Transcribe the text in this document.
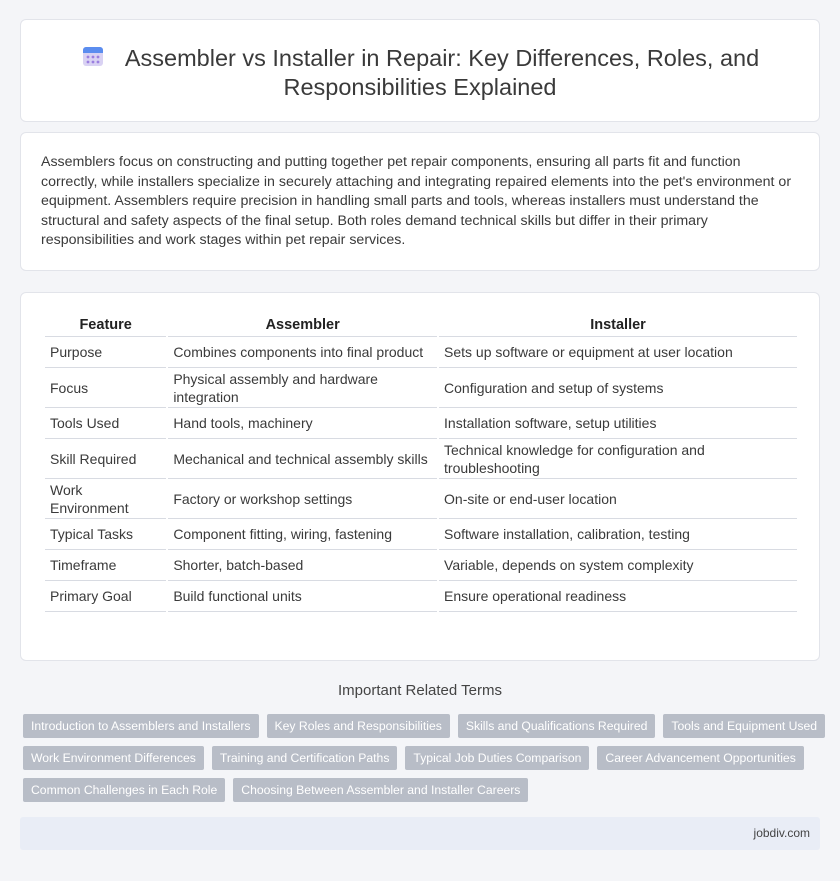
Assembler vs Installer in Repair: Key Differences, Roles, and
Responsibilities Explained

Assemblers focus on constructing and putting together pet repair components, ensuring all parts fit and function correctly, while installers specialize in securely attaching and integrating repaired elements into the pet's environment or equipment. Assemblers require precision in handling small parts and tools, whereas installers must understand the structural and safety aspects of the final setup. Both roles demand technical skills but differ in their primary responsibilities and work stages within pet repair services.

Feature	Assembler	Installer
Purpose	Combines components into final product	Sets up software or equipment at user location
Focus	Physical assembly and hardware integration	Configuration and setup of systems
Tools Used	Hand tools, machinery	Installation software, setup utilities
Skill Required	Mechanical and technical assembly skills	Technical knowledge for configuration and troubleshooting
Work Environment	Factory or workshop settings	On-site or end-user location
Typical Tasks	Component fitting, wiring, fastening	Software installation, calibration, testing
Timeframe	Shorter, batch-based	Variable, depends on system complexity
Primary Goal	Build functional units	Ensure operational readiness
Important Related Terms
Introduction to Assemblers and Installers	Key Roles and Responsibilities	Skills and Qualifications Required	Tools and Equipment Used
Work Environment Differences	Training and Certification Paths	Typical Job Duties Comparison	Career Advancement Opportunities
Common Challenges in Each Role	Choosing Between Assembler and Installer Careers
jobdiv.com
